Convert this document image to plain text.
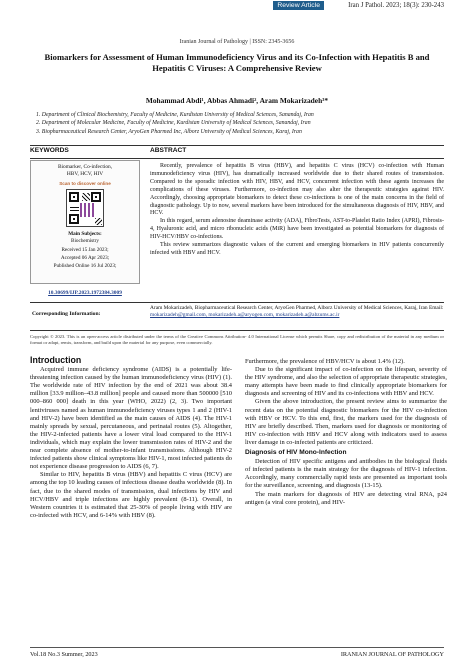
Review Article	Iran J Pathol. 2023; 18(3): 230-243
Iranian Journal of Pathology | ISSN: 2345-3656
Biomarkers for Assessment of Human Immunodeficiency Virus and its Co-Infection with Hepatitis B and Hepatitis C Viruses: A Comprehensive Review
Mohammad Abdi¹, Abbas Ahmadi², Aram Mokarizadeh³*
1. Department of Clinical Biochemistry, Faculty of Medicine, Kurdistan University of Medical Sciences, Sanandaj, Iran
2. Department of Molecular Medicine, Faculty of Medicine, Kurdistan University of Medical Sciences, Sanandaj, Iran
3. Biopharmaceutical Research Center, AryoGen Pharmed Inc, Alborz University of Medical Sciences, Karaj, Iran
KEYWORDS	ABSTRACT
Biomarker, Co-infection,
HBV, HCV, HIV
Scan to discover online
Main Subjects:
Biochemistry
Received 15 Jan 2023;
Accepted 06 Apr 2023;
Published Online 16 Jul 2023;
10.30699/IJP.2023.1972384.3009

Recently, prevalence of hepatitis B virus (HBV), and hepatitis C virus (HCV) co-infection with Human immunodeficiency virus (HIV), has dramatically increased worldwide due to their shared routes of transmission. Compared to the sporadic infection with HIV, HBV, and HCV, concurrent infection with these agents increases the complications of these viruses. Furthermore, co-infection may also alter the therapeutic strategies against HIV. Accordingly, choosing appropriate biomarkers to detect these co-infections is one of the main concerns in the field of diagnostic pathology. Up to now, several markers have been introduced for the simultaneous diagnosis of HIV, HBV, and HCV.

In this regard, serum adenosine deaminase activity (ADA), FibroTests, AST-to-Platelet Ratio Index (APRI), Fibrosis-4, Hyaluronic acid, and micro ribonucleic acids (MiR) have been investigated as potential biomarkers for diagnosis of HIV-HCV/HBV co-infections.

This review summarizes diagnostic values of the current and emerging biomarkers in HIV patients concurrently infected with HBV and HCV.

Corresponding Information:
Aram Mokarizadeh, Biopharmaceutical Research Center, AryoGen Pharmed, Alborz University of Medical Sciences, Karaj, Iran Email: mokarizadeh@gmail.com, mokarizadeh.a@aryogen.com, mokarizadeh.a@abzums.ac.ir
Copyright © 2023. This is an open-access article distributed under the terms of the Creative Commons Attribution- 4.0 International License which permits Share, copy and redistribution of the material in any medium or format or adapt, remix, transform, and build upon the material for any purpose, even commercially.
Introduction

Acquired immune deficiency syndrome (AIDS) is a potentially life-threatening infection caused by the human immunodeficiency virus (HIV) (1). The worldwide rate of HIV infection by the end of 2021 was about 38.4 million [33.9 million–43.8 million] people and caused more than 500000 [510 000–860 000] death in this year (WHO, 2022) (2, 3). Two important lentiviruses named as human immunodeficiency viruses types 1 and 2 (HIV-1 and HIV-2) have been identified as the main causes of AIDS (4). The HIV-1 mainly spreads by sexual, percutaneous, and perinatal routes (5). Altogether, the HIV-2-infected patients have a lower viral load compared to the HIV-1 individuals, which may explain the lower transmission rates of HIV-2 and the near complete absence of mother-to-infant transmissions. Although HIV-2 infected patients show clinical symptoms like HIV-1, most infected patients do not experience disease progression to AIDS (6, 7).

Similar to HIV, hepatitis B virus (HBV) and hepatitis C virus (HCV) are among the top 10 leading causes of infectious disease deaths worldwide (8). In fact, due to the shared modes of transmission, dual infections by HIV and HCV/HBV and triple infections are highly prevalent (8-11). Overall, in Western countries it is estimated that 25-30% of people living with HIV are co-infected with HCV, and 6-14% with HBV (8).

Furthermore, the prevalence of HBV/HCV is about 1.4% (12).

Due to the significant impact of co-infection on the lifespan, severity of the HIV syndrome, and also the selection of appropriate therapeutic strategies, many attempts have been made to find clinically appropriate biomarkers for diagnosis and screening of HIV and its co-infections with HBV and HCV.

Given the above introduction, the present review aims to summarize the recent data on the potential diagnostic biomarkers for the HIV co-infection with HBV or HCV. To this end, first, the markers used for the diagnosis of HIV are briefly described. Then, markers used for diagnosis or monitoring of HIV co-infection with HBV and HCV along with indicators used to assess liver damage in co-infected patients are criticized.

Diagnosis of HIV Mono-Infection

Detection of HIV specific antigens and antibodies in the biological fluids of infected patients is the main strategy for the diagnosis of HIV-1 infection. Accordingly, many commercially rapid tests are presented as important tools for the surveillance, screening, and diagnosis (13-15).

The main markers for diagnosis of HIV are detecting viral RNA, p24 antigen (a viral core protein), and HIV-

Vol.18 No.3 Summer, 2023	IRANIAN JOURNAL OF PATHOLOGY
